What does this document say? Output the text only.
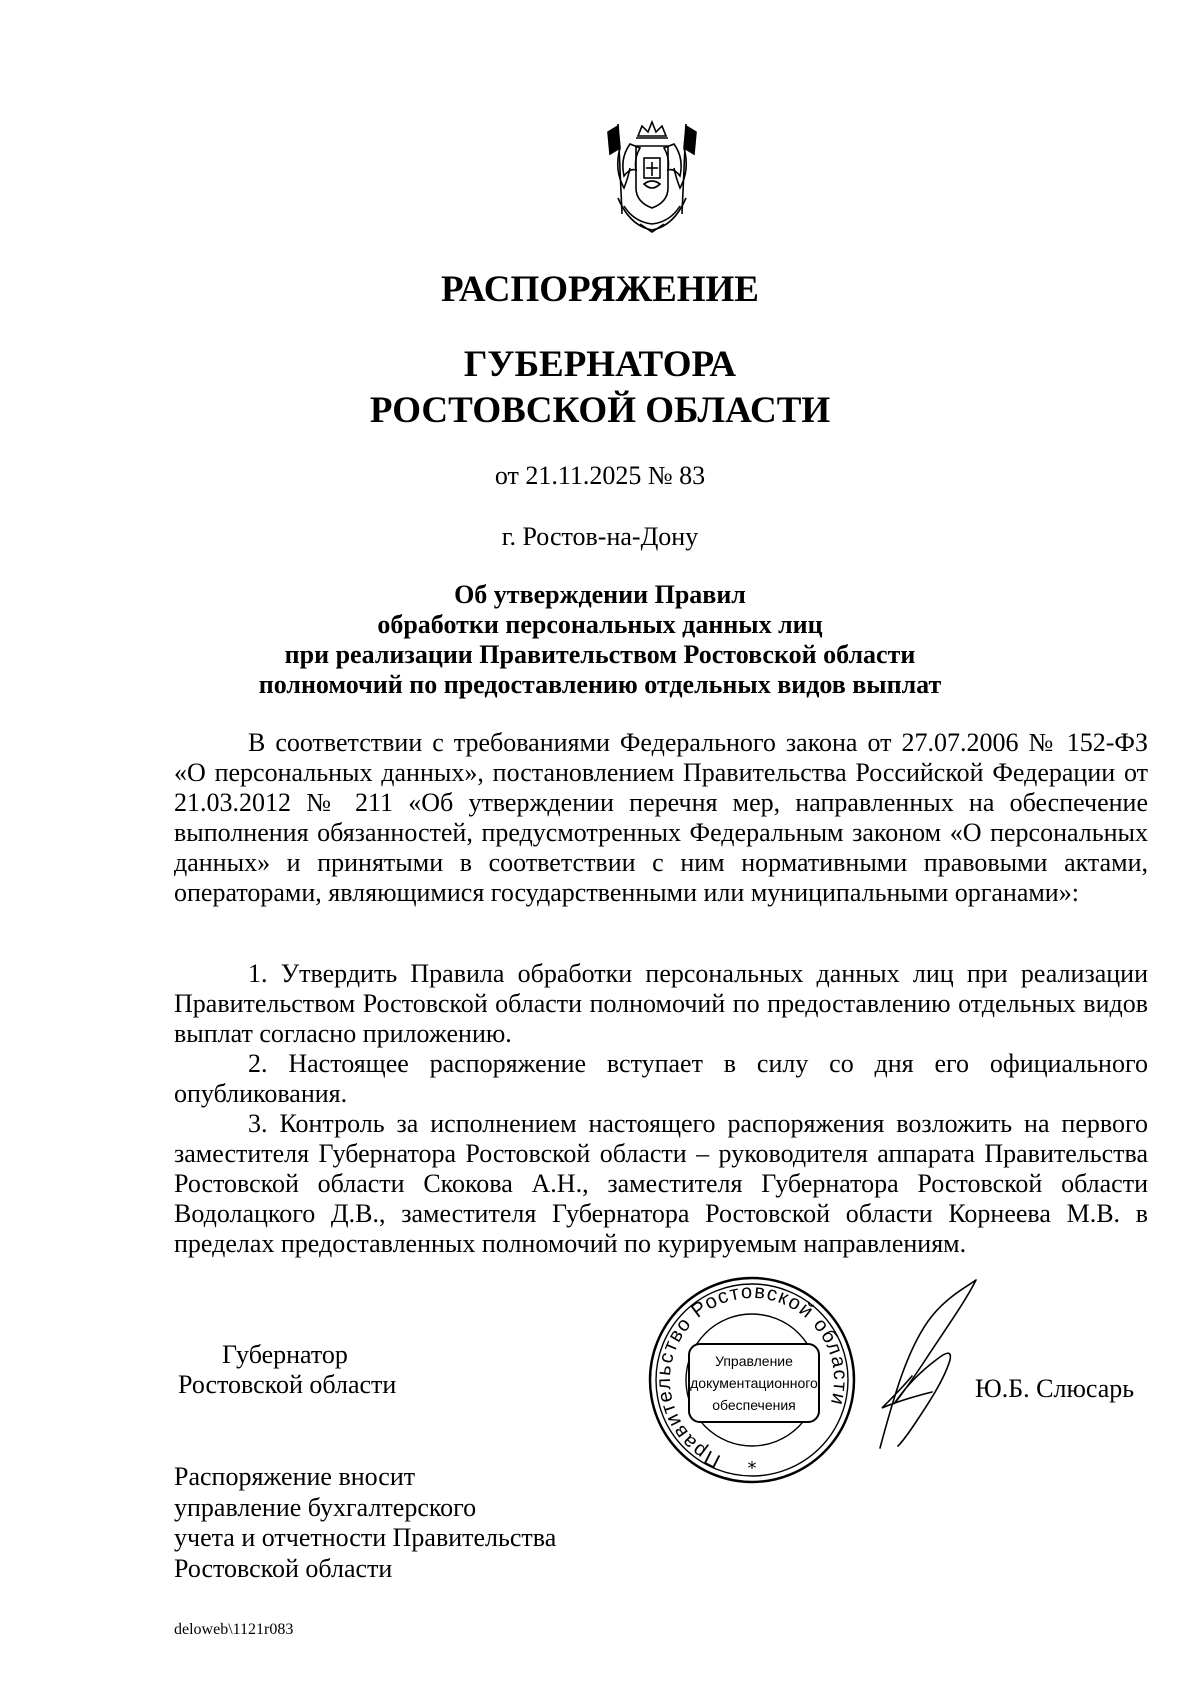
РАСПОРЯЖЕНИЕ
ГУБЕРНАТОРА
РОСТОВСКОЙ ОБЛАСТИ

от 21.11.2025 № 83

г. Ростов-на-Дону

Об утверждении Правил
обработки персональных данных лиц
при реализации Правительством Ростовской области
полномочий по предоставлению отдельных видов выплат

В соответствии с требованиями Федерального закона от 27.07.2006 № 152-ФЗ «О персональных данных», постановлением Правительства Российской Федерации от 21.03.2012 № 211 «Об утверждении перечня мер, направленных на обеспечение выполнения обязанностей, предусмотренных Федеральным законом «О персональных данных» и принятыми в соответствии с ним нормативными правовыми актами, операторами, являющимися государственными или муниципальными органами»:

1. Утвердить Правила обработки персональных данных лиц при реализации Правительством Ростовской области полномочий по предоставлению отдельных видов выплат согласно приложению.

2. Настоящее распоряжение вступает в силу со дня его официального опубликования.

3. Контроль за исполнением настоящего распоряжения возложить на первого заместителя Губернатора Ростовской области – руководителя аппарата Правительства Ростовской области Скокова А.Н., заместителя Губернатора Ростовской области Водолацкого Д.В., заместителя Губернатора Ростовской области Корнеева М.В. в пределах предоставленных полномочий по курируемым направлениям.

Губернатор
Ростовской области

Правительство Ростовской области
*
Управление
документационного
обеспечения

Ю.Б. Слюсарь

Распоряжение вносит
управление бухгалтерского
учета и отчетности Правительства
Ростовской области

deloweb\1121r083
